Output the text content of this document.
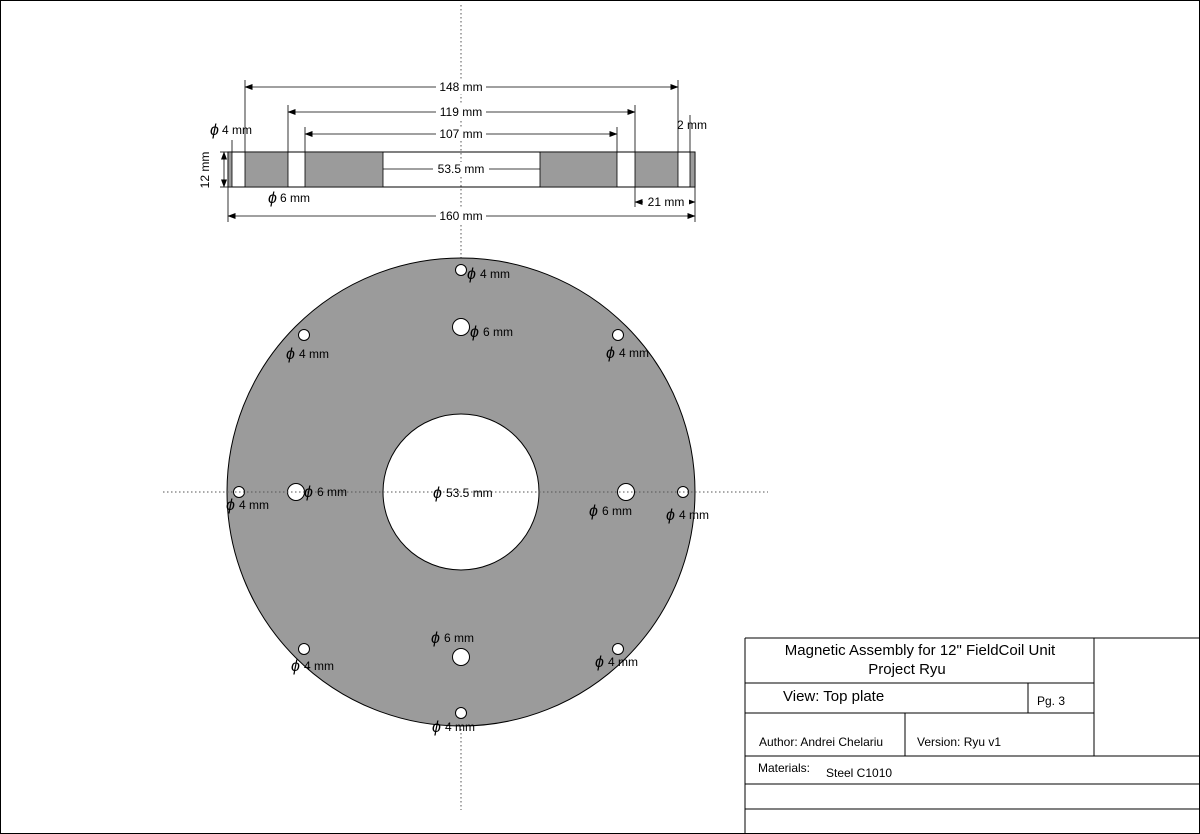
148 mm
119 mm
107 mm
53.5 mm
160 mm
21 mm
2 mm
12 mm
ϕ 4 mm
ϕ 6 mm
ϕ 4 mm
ϕ 6 mm
ϕ 4 mm	ϕ 4 mm
ϕ 4 mm
ϕ 6 mm	ϕ 53.5 mm
ϕ 6 mm ϕ 4 mm
ϕ 6 mm
ϕ 4 mm	ϕ 4 mm
ϕ 4 mm
Magnetic Assembly for 12" FieldCoil Unit
Project Ryu
View: Top plate	Pg. 3
Author: Andrei Chelariu	Version: Ryu v1
Materials: Steel C1010
